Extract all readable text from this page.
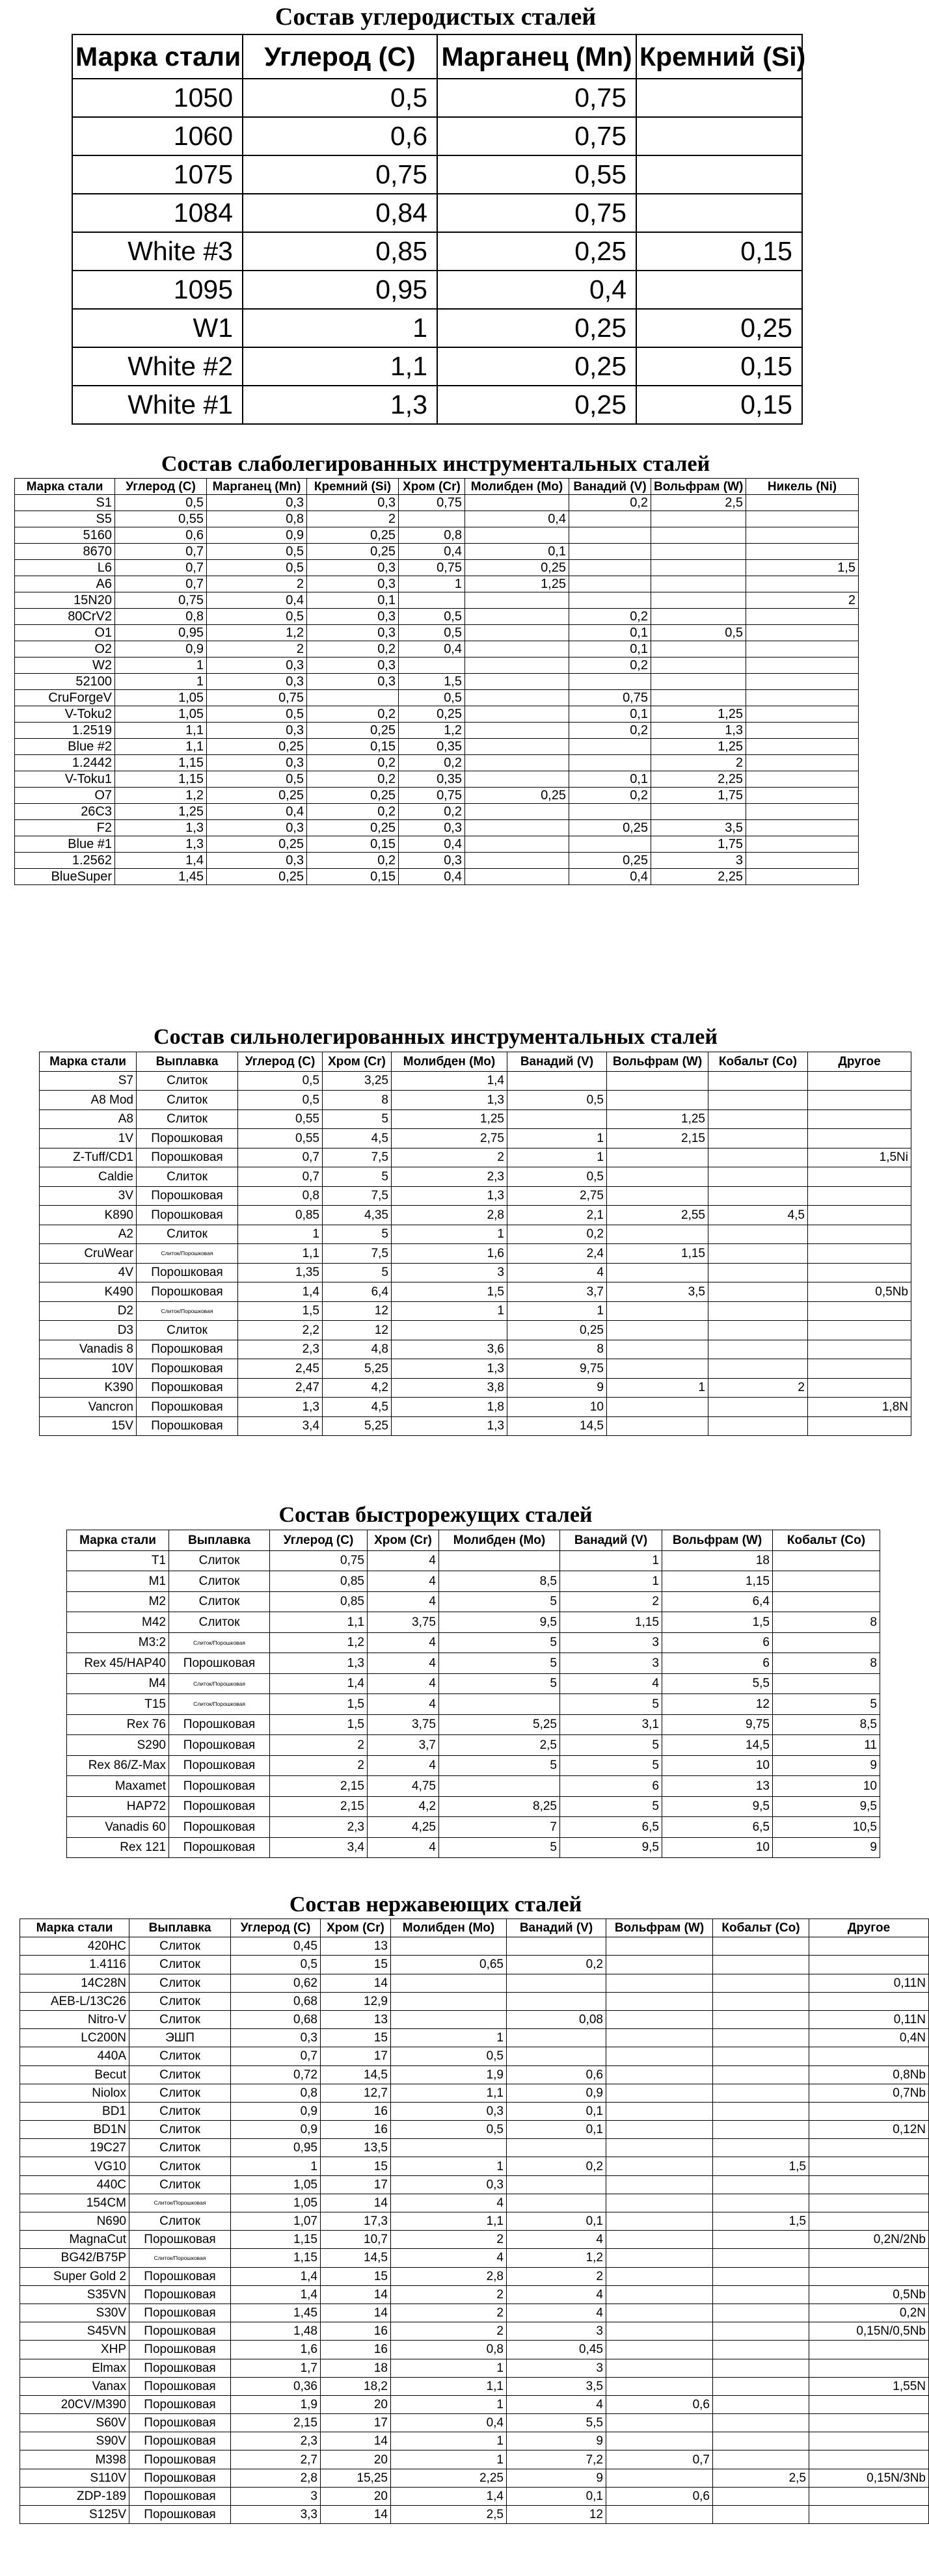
Состав углеродистых сталей
Марка стали	Углерод (C)	Марганец (Mn)	Кремний (Si)
1050	0,5	0,75	
1060	0,6	0,75	
1075	0,75	0,55	
1084	0,84	0,75	
White #3	0,85	0,25	0,15
1095	0,95	0,4	
W1	1	0,25	0,25
White #2	1,1	0,25	0,15
White #1	1,3	0,25	0,15
Состав слаболегированных инструментальных сталей
Марка стали	Углерод (C)	Марганец (Mn)	Кремний (Si)	Хром (Cr)	Молибден (Mo)	Ванадий (V)	Вольфрам (W)	Никель (Ni)
S1	0,5	0,3	0,3	0,75		0,2	2,5	
S5	0,55	0,8	2		0,4			
5160	0,6	0,9	0,25	0,8				
8670	0,7	0,5	0,25	0,4	0,1			
L6	0,7	0,5	0,3	0,75	0,25			1,5
A6	0,7	2	0,3	1	1,25			
15N20	0,75	0,4	0,1					2
80CrV2	0,8	0,5	0,3	0,5		0,2		
O1	0,95	1,2	0,3	0,5		0,1	0,5	
O2	0,9	2	0,2	0,4		0,1		
W2	1	0,3	0,3			0,2		
52100	1	0,3	0,3	1,5				
CruForgeV	1,05	0,75		0,5		0,75		
V-Toku2	1,05	0,5	0,2	0,25		0,1	1,25	
1.2519	1,1	0,3	0,25	1,2		0,2	1,3	
Blue #2	1,1	0,25	0,15	0,35			1,25	
1.2442	1,15	0,3	0,2	0,2			2	
V-Toku1	1,15	0,5	0,2	0,35		0,1	2,25	
O7	1,2	0,25	0,25	0,75	0,25	0,2	1,75	
26C3	1,25	0,4	0,2	0,2				
F2	1,3	0,3	0,25	0,3		0,25	3,5	
Blue #1	1,3	0,25	0,15	0,4			1,75	
1.2562	1,4	0,3	0,2	0,3		0,25	3	
BlueSuper	1,45	0,25	0,15	0,4		0,4	2,25	
Состав сильнолегированных инструментальных сталей
Марка стали	Выплавка	Углерод (C)	Хром (Cr)	Молибден (Mo)	Ванадий (V)	Вольфрам (W)	Кобальт (Co)	Другое
S7	Слиток	0,5	3,25	1,4				
A8 Mod	Слиток	0,5	8	1,3	0,5			
A8	Слиток	0,55	5	1,25		1,25		
1V	Порошковая	0,55	4,5	2,75	1	2,15		
Z-Tuff/CD1	Порошковая	0,7	7,5	2	1			1,5Ni
Caldie	Слиток	0,7	5	2,3	0,5			
3V	Порошковая	0,8	7,5	1,3	2,75			
K890	Порошковая	0,85	4,35	2,8	2,1	2,55	4,5	
A2	Слиток	1	5	1	0,2			
CruWear	Слиток/Порошковая	1,1	7,5	1,6	2,4	1,15		
4V	Порошковая	1,35	5	3	4			
K490	Порошковая	1,4	6,4	1,5	3,7	3,5		0,5Nb
D2	Слиток/Порошковая	1,5	12	1	1			
D3	Слиток	2,2	12		0,25			
Vanadis 8	Порошковая	2,3	4,8	3,6	8			
10V	Порошковая	2,45	5,25	1,3	9,75			
K390	Порошковая	2,47	4,2	3,8	9	1	2	
Vancron	Порошковая	1,3	4,5	1,8	10			1,8N
15V	Порошковая	3,4	5,25	1,3	14,5			
Состав быстрорежущих сталей
Марка стали	Выплавка	Углерод (C)	Хром (Cr)	Молибден (Mo)	Ванадий (V)	Вольфрам (W)	Кобальт (Co)
T1	Слиток	0,75	4		1	18	
M1	Слиток	0,85	4	8,5	1	1,15	
M2	Слиток	0,85	4	5	2	6,4	
M42	Слиток	1,1	3,75	9,5	1,15	1,5	8
M3:2	Слиток/Порошковая	1,2	4	5	3	6	
Rex 45/HAP40	Порошковая	1,3	4	5	3	6	8
M4	Слиток/Порошковая	1,4	4	5	4	5,5	
T15	Слиток/Порошковая	1,5	4		5	12	5
Rex 76	Порошковая	1,5	3,75	5,25	3,1	9,75	8,5
S290	Порошковая	2	3,7	2,5	5	14,5	11
Rex 86/Z-Max	Порошковая	2	4	5	5	10	9
Maxamet	Порошковая	2,15	4,75		6	13	10
HAP72	Порошковая	2,15	4,2	8,25	5	9,5	9,5
Vanadis 60	Порошковая	2,3	4,25	7	6,5	6,5	10,5
Rex 121	Порошковая	3,4	4	5	9,5	10	9
Состав нержавеющих сталей
Марка стали	Выплавка	Углерод (C)	Хром (Cr)	Молибден (Mo)	Ванадий (V)	Вольфрам (W)	Кобальт (Co)	Другое
420HC	Слиток	0,45	13					
1.4116	Слиток	0,5	15	0,65	0,2			
14C28N	Слиток	0,62	14					0,11N
AEB-L/13C26	Слиток	0,68	12,9					
Nitro-V	Слиток	0,68	13		0,08			0,11N
LC200N	ЭШП	0,3	15	1				0,4N
440A	Слиток	0,7	17	0,5				
Becut	Слиток	0,72	14,5	1,9	0,6			0,8Nb
Niolox	Слиток	0,8	12,7	1,1	0,9			0,7Nb
BD1	Слиток	0,9	16	0,3	0,1			
BD1N	Слиток	0,9	16	0,5	0,1			0,12N
19C27	Слиток	0,95	13,5					
VG10	Слиток	1	15	1	0,2		1,5	
440C	Слиток	1,05	17	0,3				
154CM	Слиток/Порошковая	1,05	14	4				
N690	Слиток	1,07	17,3	1,1	0,1		1,5	
MagnaCut	Порошковая	1,15	10,7	2	4			0,2N/2Nb
BG42/B75P	Слиток/Порошковая	1,15	14,5	4	1,2			
Super Gold 2	Порошковая	1,4	15	2,8	2			
S35VN	Порошковая	1,4	14	2	4			0,5Nb
S30V	Порошковая	1,45	14	2	4			0,2N
S45VN	Порошковая	1,48	16	2	3			0,15N/0,5Nb
XHP	Порошковая	1,6	16	0,8	0,45			
Elmax	Порошковая	1,7	18	1	3			
Vanax	Порошковая	0,36	18,2	1,1	3,5			1,55N
20CV/M390	Порошковая	1,9	20	1	4	0,6		
S60V	Порошковая	2,15	17	0,4	5,5			
S90V	Порошковая	2,3	14	1	9			
M398	Порошковая	2,7	20	1	7,2	0,7		
S110V	Порошковая	2,8	15,25	2,25	9		2,5	0,15N/3Nb
ZDP-189	Порошковая	3	20	1,4	0,1	0,6		
S125V	Порошковая	3,3	14	2,5	12			
